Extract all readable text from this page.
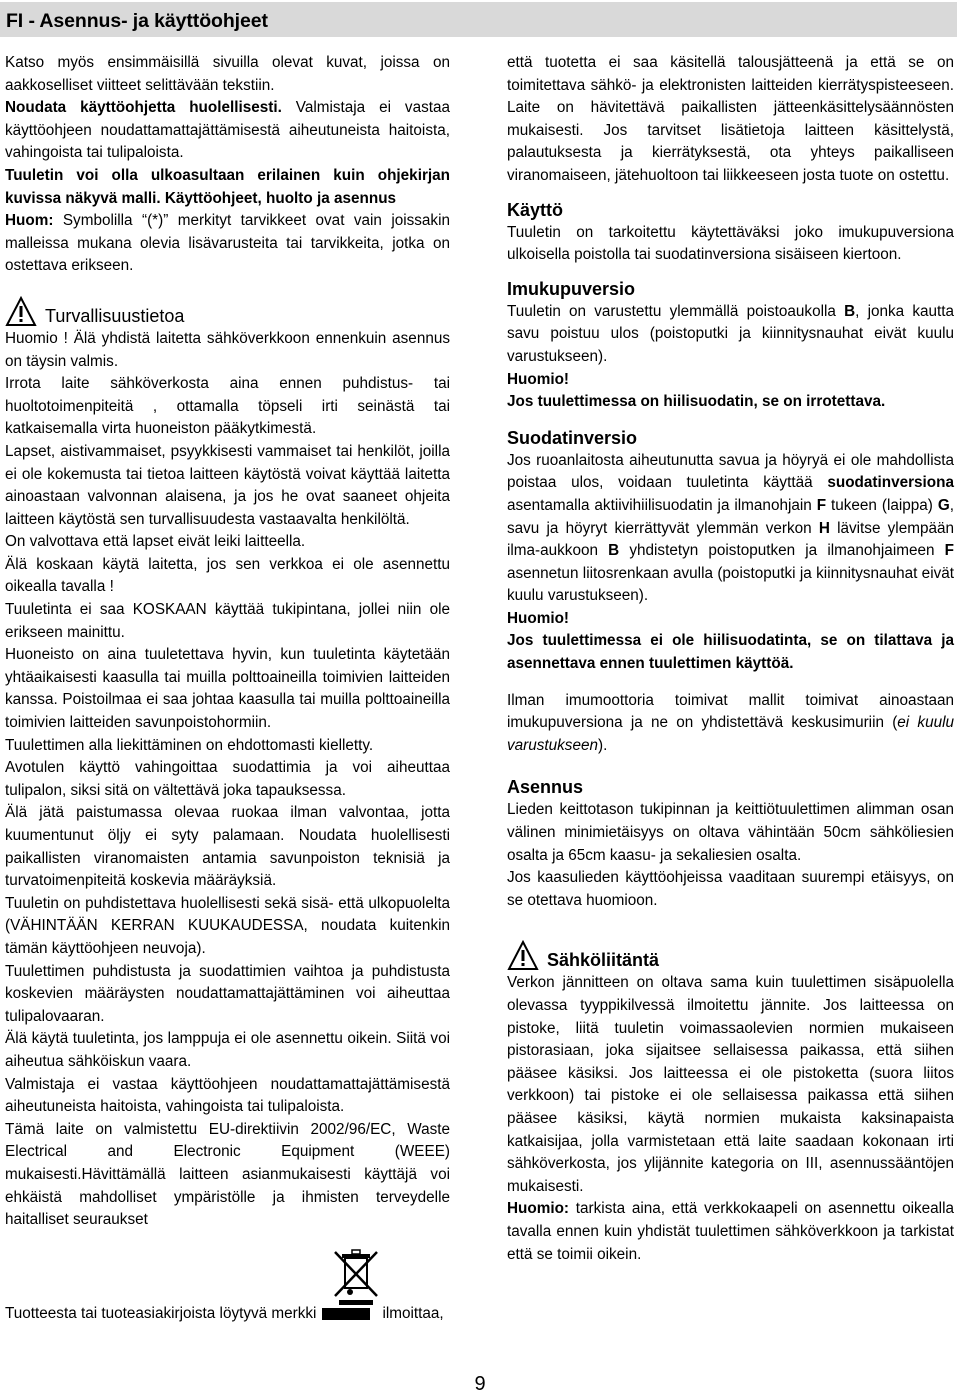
FI - Asennus- ja käyttöohjeet

Katso myös ensimmäisillä sivuilla olevat kuvat, joissa on aakkoselliset viitteet selittävään tekstiin.

Noudata käyttöohjetta huolellisesti. Valmistaja ei vastaa käyttöohjeen noudattamattajättämisestä aiheutuneista haitoista, vahingoista tai tulipaloista.

Tuuletin voi olla ulkoasultaan erilainen kuin ohjekirjan kuvissa näkyvä malli. Käyttöohjeet, huolto ja asennus

Huom: Symbolilla “(*)” merkityt tarvikkeet ovat vain joissakin malleissa mukana olevia lisävarusteita tai tarvikkeita, jotka on ostettava erikseen.

Turvallisuustietoa

Huomio ! Älä yhdistä laitetta sähköverkkoon ennenkuin asennus on täysin valmis.

Irrota laite sähköverkosta aina ennen puhdistus- tai huoltotoimenpiteitä , ottamalla töpseli irti seinästä tai katkaisemalla virta huoneiston pääkytkimestä.

Lapset, aistivammaiset, psyykkisesti vammaiset tai henkilöt, joilla ei ole kokemusta tai tietoa laitteen käytöstä voivat käyttää laitetta ainoastaan valvonnan alaisena, ja jos he ovat saaneet ohjeita laitteen käytöstä sen turvallisuudesta vastaavalta henkilöltä.

On valvottava että lapset eivät leiki laitteella.

Älä koskaan käytä laitetta, jos sen verkkoa ei ole asennettu oikealla tavalla !

Tuuletinta ei saa KOSKAAN käyttää tukipintana, jollei niin ole erikseen mainittu.

Huoneisto on aina tuuletettava hyvin, kun tuuletinta käytetään yhtäaikaisesti kaasulla tai muilla polttoaineilla toimivien laitteiden kanssa. Poistoilmaa ei saa johtaa kaasulla tai muilla polttoaineilla toimivien laitteiden savunpoistohormiin.

Tuulettimen alla liekittäminen on ehdottomasti kielletty.

Avotulen käyttö vahingoittaa suodattimia ja voi aiheuttaa tulipalon, siksi sitä on vältettävä joka tapauksessa.

Älä jätä paistumassa olevaa ruokaa ilman valvontaa, jotta kuumentunut öljy ei syty palamaan. Noudata huolellisesti paikallisten viranomaisten antamia savunpoiston teknisiä ja turvatoimenpiteitä koskevia määräyksiä.

Tuuletin on puhdistettava huolellisesti sekä sisä- että ulkopuolelta (VÄHINTÄÄN KERRAN KUUKAUDESSA, noudata kuitenkin tämän käyttöohjeen neuvoja).

Tuulettimen puhdistusta ja suodattimien vaihtoa ja puhdistusta koskevien määräysten noudattamattajättäminen voi aiheuttaa tulipalovaaran.

Älä käytä tuuletinta, jos lamppuja ei ole asennettu oikein. Siitä voi aiheutua sähköiskun vaara.

Valmistaja ei vastaa käyttöohjeen noudattamattajättämisestä aiheutuneista haitoista, vahingoista tai tulipaloista.

Tämä laite on valmistettu EU-direktiivin 2002/96/EC, Waste Electrical and Electronic Equipment (WEEE) mukaisesti.Hävittämällä laitteen asianmukaisesti käyttäjä voi ehkäistä mahdolliset ympäristölle ja ihmisten terveydelle haitalliset seuraukset

Tuotteesta tai tuoteasiakirjoista löytyvä merkki	ilmoittaa,

että tuotetta ei saa käsitellä talousjätteenä ja että se on toimitettava sähkö- ja elektronisten laitteiden kierrätyspisteeseen. Laite on hävitettävä paikallisten jätteenkäsittelysäännösten mukaisesti. Jos tarvitset lisätietoja laitteen käsittelystä, palautuksesta ja kierrätyksestä, ota yhteys paikalliseen viranomaiseen, jätehuoltoon tai liikkeeseen josta tuote on ostettu.

Käyttö

Tuuletin on tarkoitettu käytettäväksi joko imukupuversiona ulkoisella poistolla tai suodatinversiona sisäiseen kiertoon.

Imukupuversio

Tuuletin on varustettu ylemmällä poistoaukolla B, jonka kautta savu poistuu ulos (poistoputki ja kiinnitysnauhat eivät kuulu varustukseen).

Huomio!

Jos tuulettimessa on hiilisuodatin, se on irrotettava.

Suodatinversio

Jos ruoanlaitosta aiheutunutta savua ja höyryä ei ole mahdollista poistaa ulos, voidaan tuuletinta käyttää suodatinversiona asentamalla aktiivihiilisuodatin ja ilmanohjain F tukeen (laippa) G, savu ja höyryt kierrättyvät ylemmän verkon H lävitse ylempään ilma-aukkoon B yhdistetyn poistoputken ja ilmanohjaimeen F asennetun liitosrenkaan avulla (poistoputki ja kiinnitysnauhat eivät kuulu varustukseen).

Huomio!

Jos tuulettimessa ei ole hiilisuodatinta, se on tilattava ja asennettava ennen tuulettimen käyttöä.

Ilman imumoottoria toimivat mallit toimivat ainoastaan imukupuversiona ja ne on yhdistettävä keskusimuriin (ei kuulu varustukseen).

Asennus

Lieden keittotason tukipinnan ja keittiötuulettimen alimman osan välinen minimietäisyys on oltava vähintään 50cm sähköliesien osalta ja 65cm kaasu- ja sekaliesien osalta.

Jos kaasulieden käyttöohjeissa vaaditaan suurempi etäisyys, on se otettava huomioon.

Sähköliitäntä

Verkon jännitteen on oltava sama kuin tuulettimen sisäpuolella olevassa tyyppikilvessä ilmoitettu jännite. Jos laitteessa on pistoke, liitä tuuletin voimassaolevien normien mukaiseen pistorasiaan, joka sijaitsee sellaisessa paikassa, että siihen pääsee käsiksi. Jos laitteessa ei ole pistoketta (suora liitos verkkoon) tai pistoke ei ole sellaisessa paikassa että siihen pääsee käsiksi, käytä normien mukaista kaksinapaista katkaisijaa, jolla varmistetaan että laite saadaan kokonaan irti sähköverkosta, jos ylijännite kategoria on III, asennussääntöjen mukaisesti.

Huomio: tarkista aina, että verkkokaapeli on asennettu oikealla tavalla ennen kuin yhdistät tuulettimen sähköverkkoon ja tarkistat että se toimii oikein.

9
